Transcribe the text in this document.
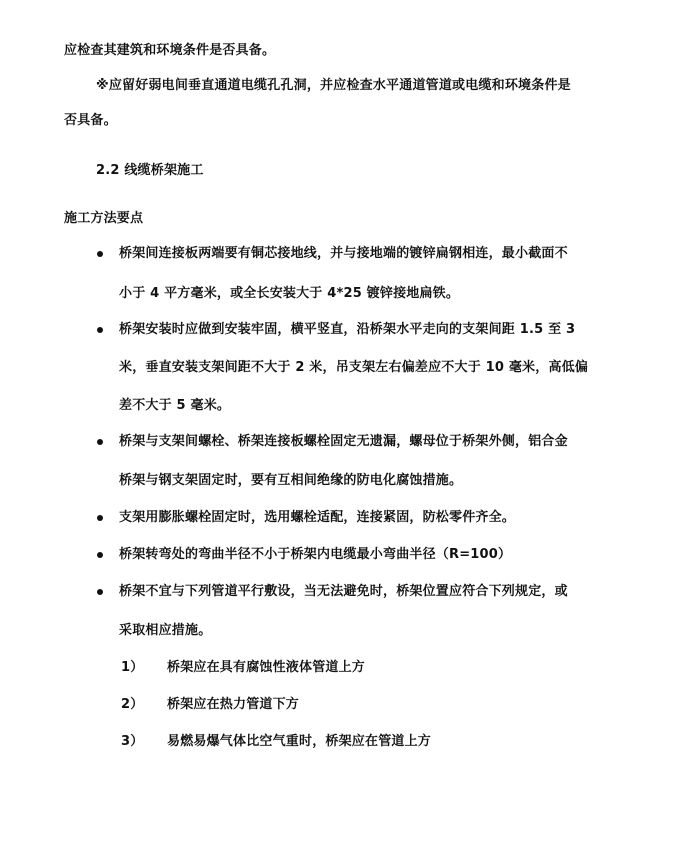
应检查其建筑和环境条件是否具备。
※应留好弱电间垂直通道电缆孔孔洞，并应检查水平通道管道或电缆和环境条件是
否具备。
2.2 线缆桥架施工
施工方法要点
桥架间连接板两端要有铜芯接地线，并与接地端的镀锌扁钢相连，最小截面不
小于 4 平方毫米，或全长安装大于 4*25 镀锌接地扁铁。
桥架安装时应做到安装牢固，横平竖直，沿桥架水平走向的支架间距 1.5 至 3
米，垂直安装支架间距不大于 2 米，吊支架左右偏差应不大于 10 毫米，高低偏
差不大于 5 毫米。
桥架与支架间螺栓、桥架连接板螺栓固定无遗漏，螺母位于桥架外侧，铝合金
桥架与钢支架固定时，要有互相间绝缘的防电化腐蚀措施。
支架用膨胀螺栓固定时，选用螺栓适配，连接紧固，防松零件齐全。
桥架转弯处的弯曲半径不小于桥架内电缆最小弯曲半径（R=100）
桥架不宜与下列管道平行敷设，当无法避免时，桥架位置应符合下列规定，或
采取相应措施。
1） 桥架应在具有腐蚀性液体管道上方
2） 桥架应在热力管道下方
3） 易燃易爆气体比空气重时，桥架应在管道上方
